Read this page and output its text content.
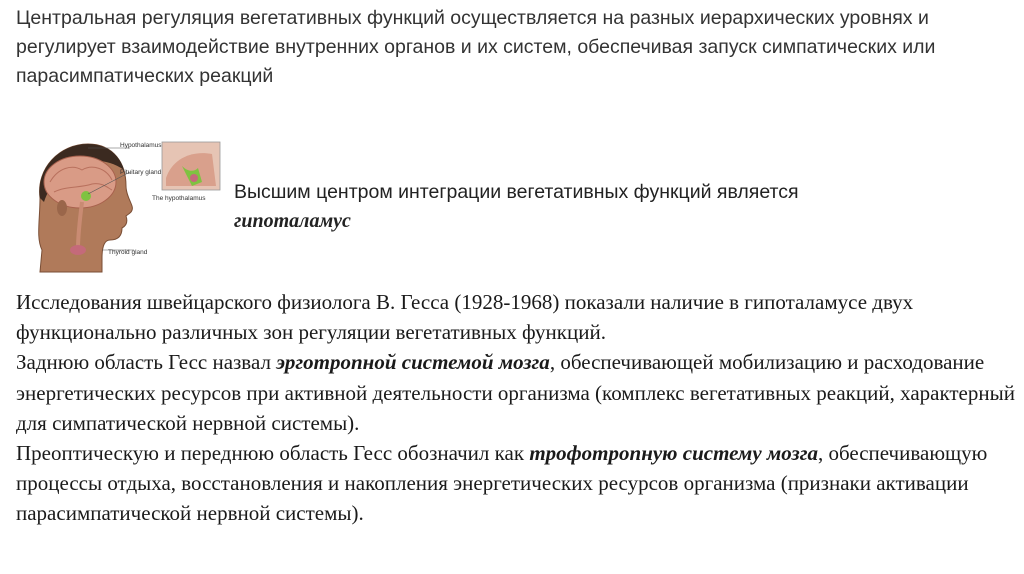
Центральная регуляция вегетативных функций осуществляется на разных иерархических уровнях и регулирует взаимодействие внутренних органов и их систем, обеспечивая запуск симпатических или парасимпатических реакций
Hypothalamus
Pituitary gland
The hypothalamus
Thyroid gland
Высшим центром интеграции вегетативных функций является
гипоталамус
Исследования швейцарского физиолога В. Гесса (1928-1968) показали наличие в гипоталамусе двух функционально различных зон регуляции вегетативных функций.
Заднюю область Гесс назвал эрготропной системой мозга, обеспечивающей мобилизацию и расходование энергетических ресурсов при активной деятельности организма (комплекс вегетативных реакций, характерный для симпатической нервной системы).
Преоптическую и переднюю область Гесс обозначил как трофотропную систему мозга, обеспечивающую процессы отдыха, восстановления и накопления энергетических ресурсов организма (признаки активации парасимпатической нервной системы).
